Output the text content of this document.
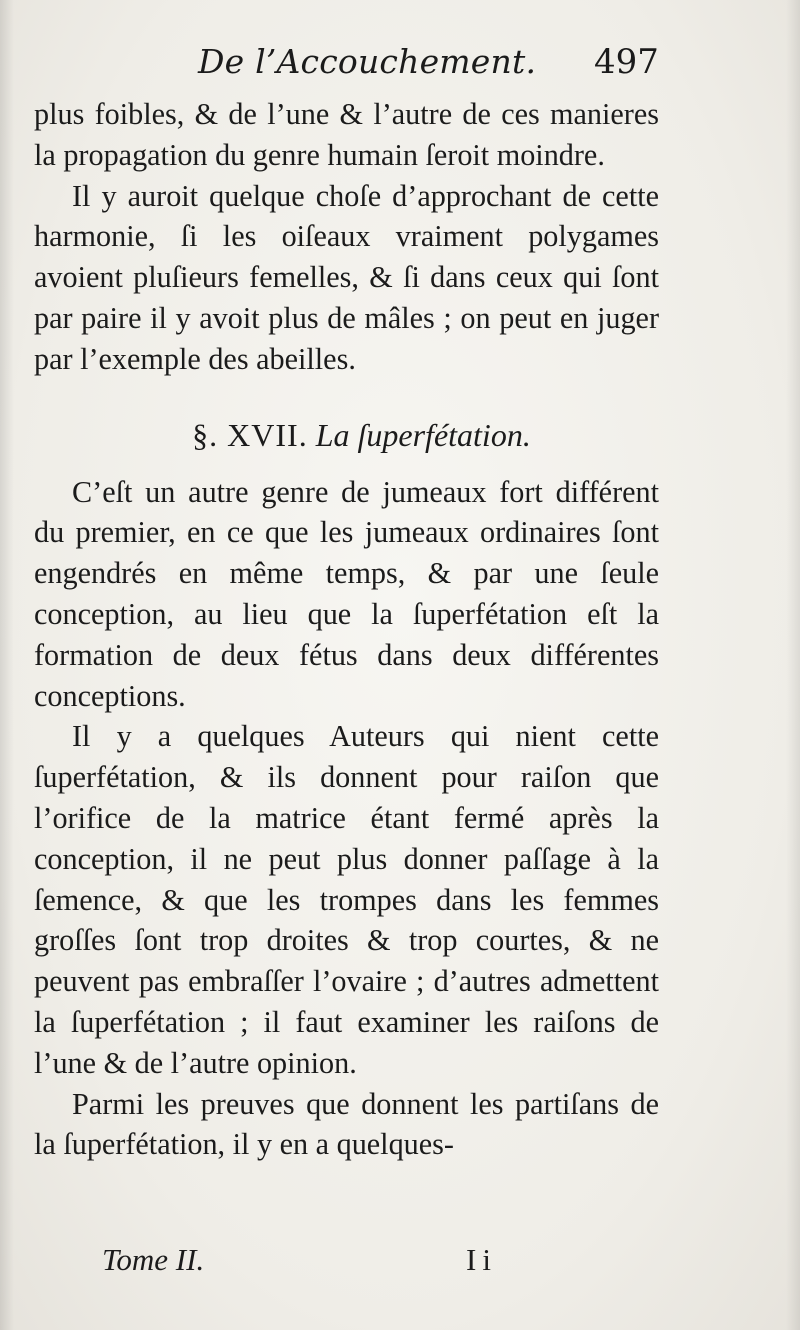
De l’Accouchement. 497

plus foibles, & de l’une & l’autre de ces manieres la propagation du genre humain ſeroit moindre.

Il y auroit quelque choſe d’approchant de cette harmonie, ſi les oiſeaux vraiment polygames avoient pluſieurs femelles, & ſi dans ceux qui ſont par paire il y avoit plus de mâles ; on peut en juger par l’exemple des abeilles.

§. XVII. La ſuperfétation.

C’eſt un autre genre de jumeaux fort différent du premier, en ce que les jumeaux ordinaires ſont engendrés en même temps, & par une ſeule conception, au lieu que la ſuperfétation eſt la formation de deux fétus dans deux différentes conceptions.

Il y a quelques Auteurs qui nient cette ſuperfétation, & ils donnent pour raiſon que l’orifice de la matrice étant fermé après la conception, il ne peut plus donner paſſage à la ſemence, & que les trompes dans les femmes groſſes ſont trop droites & trop courtes, & ne peuvent pas embraſſer l’ovaire ; d’autres admettent la ſuperfétation ; il faut examiner les raiſons de l’une & de l’autre opinion.

Parmi les preuves que donnent les partiſans de la ſuperfétation, il y en a quelques-

Tome II.	Ii
